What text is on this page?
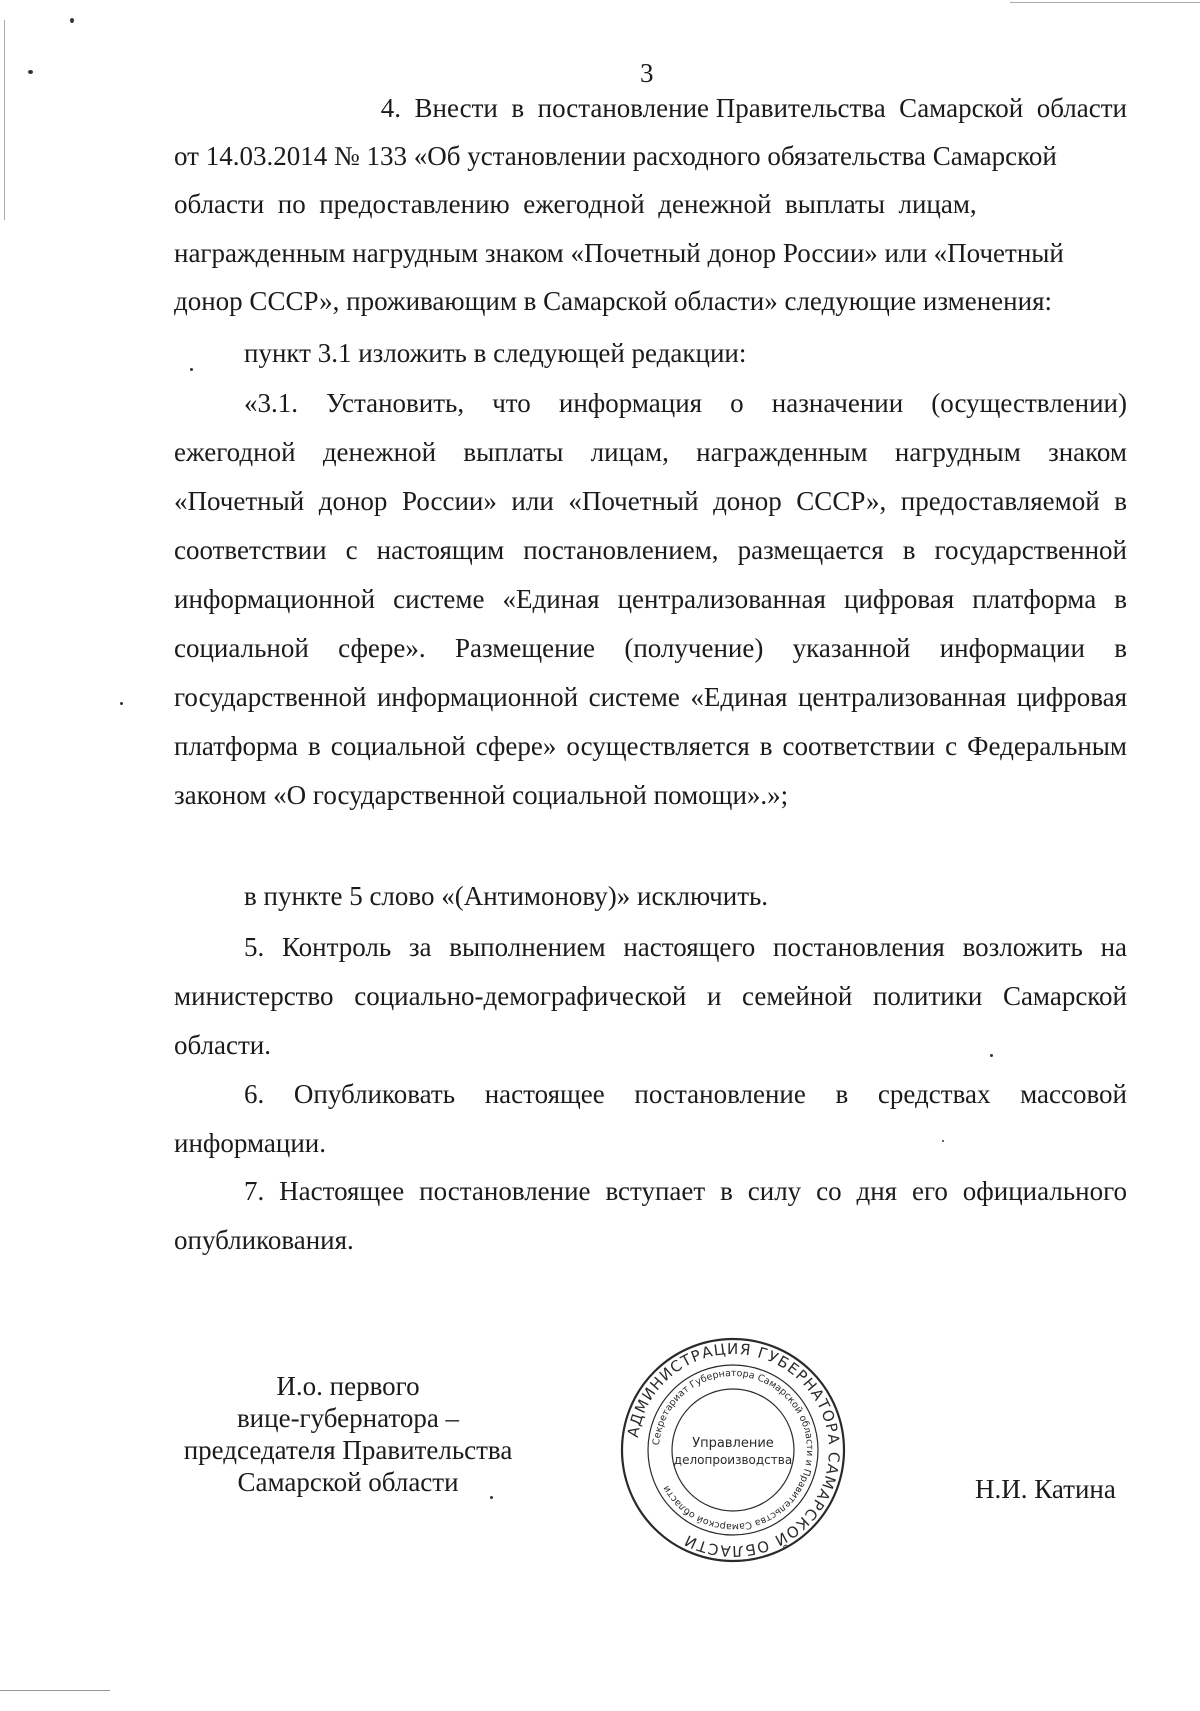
3

4. Внести в постановление Правительства Самарской области

от 14.03.2014 № 133 «Об установлении расходного обязательства Самарской

области по предоставлению ежегодной денежной выплаты лицам,

награжденным нагрудным знаком «Почетный донор России» или «Почетный

донор СССР», проживающим в Самарской области» следующие изменения:

пункт 3.1 изложить в следующей редакции:

«3.1. Установить, что информация о назначении (осуществлении) ежегодной денежной выплаты лицам, награжденным нагрудным знаком «Почетный донор России» или «Почетный донор СССР», предоставляемой в соответствии с настоящим постановлением, размещается в государственной информационной системе «Единая централизованная цифровая платформа в социальной сфере». Размещение (получение) указанной информации в государственной информационной системе «Единая централизованная цифровая платформа в социальной сфере» осуществляется в соответствии с Федеральным законом «О государственной социальной помощи».»;

в пункте 5 слово «(Антимонову)» исключить.

5. Контроль за выполнением настоящего постановления возложить на министерство социально-демографической и семейной политики Самарской области.

6. Опубликовать настоящее постановление в средствах массовой информации.

7. Настоящее постановление вступает в силу со дня его официального опубликования.

И.о. первого
вице-губернатора –
председателя Правительства
Самарской области	Н.И. Катина
АДМИНИСТРАЦИЯ ГУБЕРНАТОРА САМАРСКОЙ ОБЛАСТИ
Секретариат Губернатора Самарской области и Правительства Самарской области
Управление
делопроизводства
